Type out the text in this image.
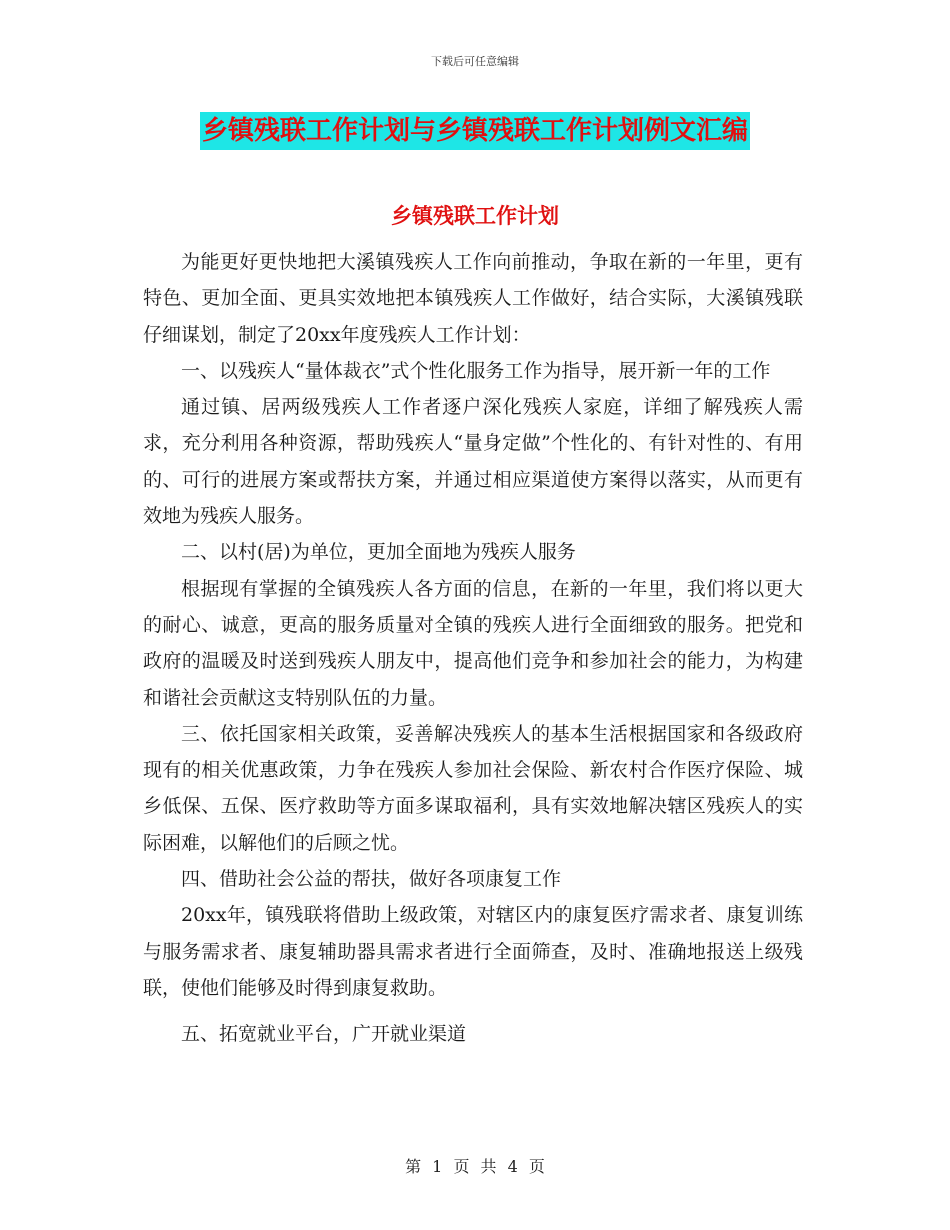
下载后可任意编辑
乡镇残联工作计划与乡镇残联工作计划例文汇编
乡镇残联工作计划

为能更好更快地把大溪镇残疾人工作向前推动，争取在新的一年里，更有特色、更加全面、更具实效地把本镇残疾人工作做好，结合实际，大溪镇残联仔细谋划，制定了20xx年度残疾人工作计划：

一、以残疾人“量体裁衣”式个性化服务工作为指导，展开新一年的工作

通过镇、居两级残疾人工作者逐户深化残疾人家庭，详细了解残疾人需求，充分利用各种资源，帮助残疾人“量身定做”个性化的、有针对性的、有用的、可行的进展方案或帮扶方案，并通过相应渠道使方案得以落实，从而更有效地为残疾人服务。

二、以村(居)为单位，更加全面地为残疾人服务

根据现有掌握的全镇残疾人各方面的信息，在新的一年里，我们将以更大的耐心、诚意，更高的服务质量对全镇的残疾人进行全面细致的服务。把党和政府的温暖及时送到残疾人朋友中，提高他们竞争和参加社会的能力，为构建和谐社会贡献这支特别队伍的力量。

三、依托国家相关政策，妥善解决残疾人的基本生活根据国家和各级政府现有的相关优惠政策，力争在残疾人参加社会保险、新农村合作医疗保险、城乡低保、五保、医疗救助等方面多谋取福利，具有实效地解决辖区残疾人的实际困难，以解他们的后顾之忧。

四、借助社会公益的帮扶，做好各项康复工作

20xx年，镇残联将借助上级政策，对辖区内的康复医疗需求者、康复训练与服务需求者、康复辅助器具需求者进行全面筛查，及时、准确地报送上级残联，使他们能够及时得到康复救助。

五、拓宽就业平台，广开就业渠道

第 1 页 共 4 页
